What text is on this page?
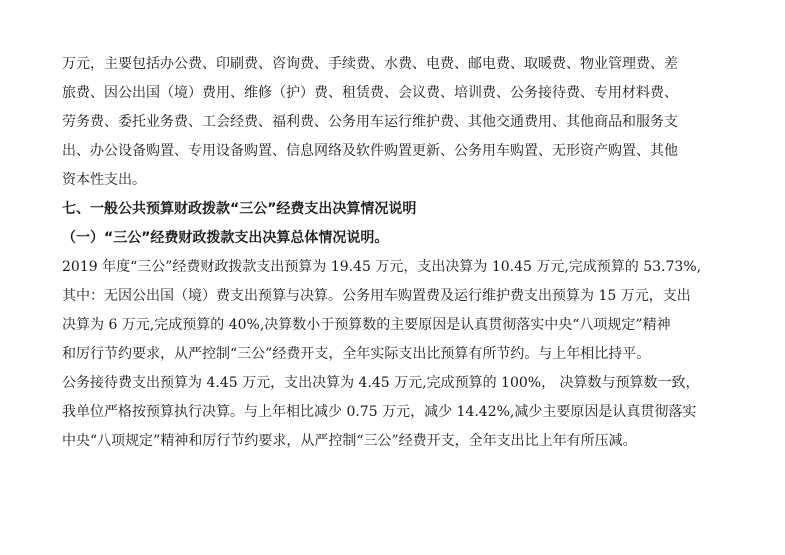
万元，主要包括办公费、印刷费、咨询费、手续费、水费、电费、邮电费、取暖费、物业管理费、差
旅费、因公出国（境）费用、维修（护）费、租赁费、会议费、培训费、公务接待费、专用材料费、
劳务费、委托业务费、工会经费、福利费、公务用车运行维护费、其他交通费用、其他商品和服务支
出、办公设备购置、专用设备购置、信息网络及软件购置更新、公务用车购置、无形资产购置、其他
资本性支出。
七、一般公共预算财政拨款“三公”经费支出决算情况说明
（一）“三公”经费财政拨款支出决算总体情况说明。
2019 年度“三公”经费财政拨款支出预算为 19.45 万元，支出决算为 10.45 万元,完成预算的 53.73%,
其中：无因公出国（境）费支出预算与决算。公务用车购置费及运行维护费支出预算为 15 万元，支出
决算为 6 万元,完成预算的 40%,决算数小于预算数的主要原因是认真贯彻落实中央“八项规定”精神
和厉行节约要求，从严控制“三公”经费开支，全年实际支出比预算有所节约。与上年相比持平。
公务接待费支出预算为 4.45 万元，支出决算为 4.45 万元,完成预算的 100%， 决算数与预算数一致，
我单位严格按预算执行决算。与上年相比减少 0.75 万元，减少 14.42%,减少主要原因是认真贯彻落实
中央“八项规定”精神和厉行节约要求，从严控制“三公”经费开支，全年支出比上年有所压减。
